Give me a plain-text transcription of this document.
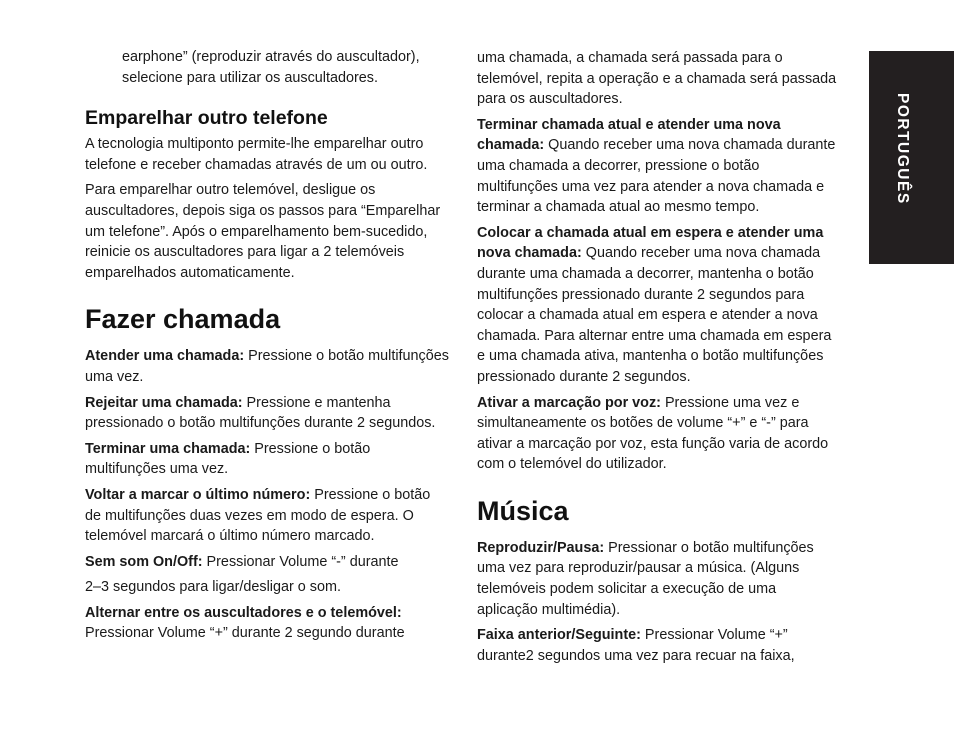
earphone” (reproduzir através do auscultador), selecione para utilizar os auscultadores.

Emparelhar outro telefone

A tecnologia multiponto permite-lhe emparelhar outro telefone e receber chamadas através de um ou outro.

Para emparelhar outro telemóvel, desligue os auscultadores, depois siga os passos para “Emparelhar um telefone”. Após o emparelhamento bem-sucedido, reinicie os auscultadores para ligar a 2 telemóveis emparelhados automaticamente.

Fazer chamada

Atender uma chamada: Pressione o botão multifunções uma vez.

Rejeitar uma chamada: Pressione e mantenha pressionado o botão multifunções durante 2 segundos.

Terminar uma chamada: Pressione o botão multifunções uma vez.

Voltar a marcar o último número: Pressione o botão de multifunções duas vezes em modo de espera. O telemóvel marcará o último número marcado.

Sem som On/Off: Pressionar Volume “-” durante

2–3 segundos para ligar/desligar o som.

Alternar entre os auscultadores e o telemóvel: Pressionar Volume “+” durante 2 segundo durante

uma chamada, a chamada será passada para o telemóvel, repita a operação e a chamada será passada para os auscultadores.

Terminar chamada atual e atender uma nova chamada: Quando receber uma nova chamada durante uma chamada a decorrer, pressione o botão multifunções uma vez para atender a nova chamada e terminar a chamada atual ao mesmo tempo.

Colocar a chamada atual em espera e atender uma nova chamada: Quando receber uma nova chamada durante uma chamada a decorrer, mantenha o botão multifunções pressionado durante 2 segundos para colocar a chamada atual em espera e atender a nova chamada. Para alternar entre uma chamada em espera e uma chamada ativa, mantenha o botão multifunções pressionado durante 2 segundos.

Ativar a marcação por voz: Pressione uma vez e simultaneamente os botões de volume “+” e “-” para ativar a marcação por voz, esta função varia de acordo com o telemóvel do utilizador.

Música

Reproduzir/Pausa: Pressionar o botão multifunções uma vez para reproduzir/pausar a música. (Alguns telemóveis podem solicitar a execução de uma aplicação multimédia).

Faixa anterior/Seguinte: Pressionar Volume “+” durante2 segundos uma vez para recuar na faixa,

PORTUGUÊS
